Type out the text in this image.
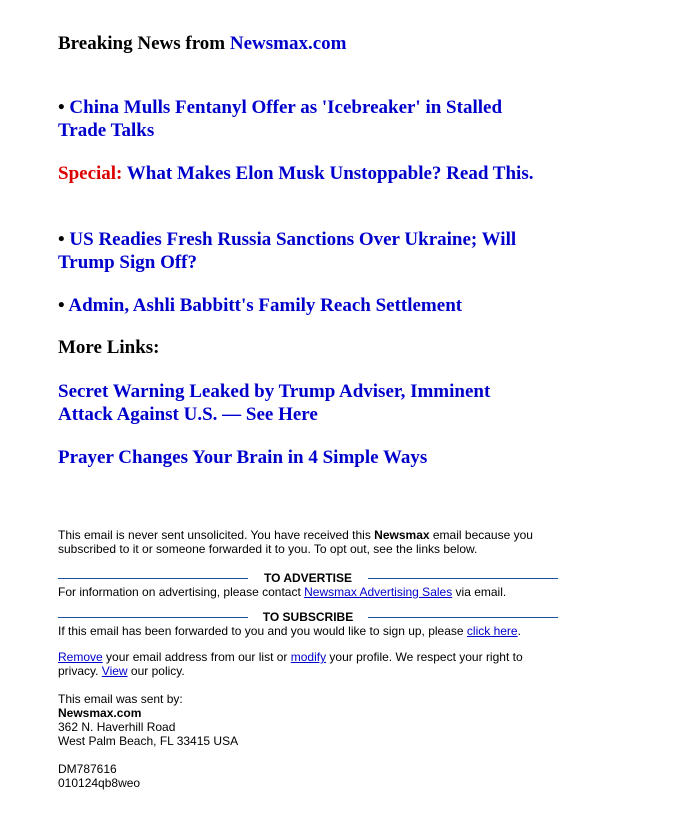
Breaking News from Newsmax.com
• China Mulls Fentanyl Offer as 'Icebreaker' in Stalled Trade Talks
Special: What Makes Elon Musk Unstoppable? Read This.
• US Readies Fresh Russia Sanctions Over Ukraine; Will Trump Sign Off?
• Admin, Ashli Babbitt's Family Reach Settlement
More Links:
Secret Warning Leaked by Trump Adviser, Imminent Attack Against U.S. — See Here
Prayer Changes Your Brain in 4 Simple Ways
This email is never sent unsolicited. You have received this Newsmax email because you subscribed to it or someone forwarded it to you. To opt out, see the links below.
TO ADVERTISE
For information on advertising, please contact Newsmax Advertising Sales via email.
TO SUBSCRIBE
If this email has been forwarded to you and you would like to sign up, please click here.
Remove your email address from our list or modify your profile. We respect your right to privacy. View our policy.
This email was sent by:
Newsmax.com
362 N. Haverhill Road
West Palm Beach, FL 33415 USA
DM787616
010124qb8weo
